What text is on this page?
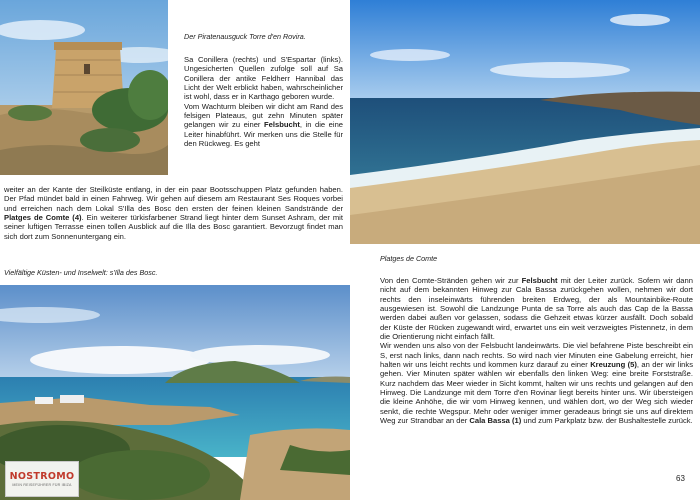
Der Piratenausguck Torre d'en Rovira.

Sa Conillera (rechts) und S'Espartar (links). Ungesicherten Quellen zufolge soll auf Sa Conillera der antike Feldherr Hannibal das Licht der Welt erblickt haben, wahrscheinlicher ist wohl, dass er in Karthago geboren wurde.

Vom Wachturm bleiben wir dicht am Rand des felsigen Plateaus, gut zehn Minuten später gelangen wir zu einer Felsbucht, in die eine Leiter hinabführt. Wir merken uns die Stelle für den Rückweg. Es geht

weiter an der Kante der Steilküste entlang, in der ein paar Bootsschuppen Platz gefunden haben. Der Pfad mündet bald in einen Fahrweg. Wir gehen auf diesem am Restaurant Ses Roques vorbei und erreichen nach dem Lokal S'Illa des Bosc den ersten der feinen kleinen Sandstrände der Platges de Comte (4). Ein weiterer türkisfarbener Strand liegt hinter dem Sunset Ashram, der mit seiner luftigen Terrasse einen tollen Ausblick auf die Illa des Bosc garantiert. Bevorzugt findet man sich dort zum Sonnenuntergang ein.

Vielfältige Küsten- und Inselwelt: s'Illa des Bosc.
NOSTROMO
MEIN REISEFÜHRER FÜR IBIZA
Platges de Comte

Von den Comte-Stränden gehen wir zur Felsbucht mit der Leiter zurück. Sofern wir dann nicht auf dem bekannten Hinweg zur Cala Bassa zurückgehen wollen, nehmen wir dort rechts den inseleinwärts führenden breiten Erdweg, der als Mountainbike-Route ausgewiesen ist. Sowohl die Landzunge Punta de sa Torre als auch das Cap de la Bassa werden dabei außen vor gelassen, sodass die Gehzeit etwas kürzer ausfällt. Doch sobald der Küste der Rücken zugewandt wird, erwartet uns ein weit verzweigtes Pistennetz, in dem die Orientierung nicht einfach fällt.

Wir wenden uns also von der Felsbucht landeinwärts. Die viel befahrene Piste beschreibt ein S, erst nach links, dann nach rechts. So wird nach vier Minuten eine Gabelung erreicht, hier halten wir uns leicht rechts und kommen kurz darauf zu einer Kreuzung (5), an der wir links gehen. Vier Minuten später wählen wir ebenfalls den linken Weg: eine breite Forststraße. Kurz nachdem das Meer wieder in Sicht kommt, halten wir uns rechts und gelangen auf den Hinweg. Die Landzunge mit dem Torre d'en Rovinar liegt bereits hinter uns. Wir übersteigen die kleine Anhöhe, die wir vom Hinweg kennen, und wählen dort, wo der Weg sich wieder senkt, die rechte Wegspur. Mehr oder weniger immer geradeaus bringt sie uns auf direktem Weg zur Strandbar an der Cala Bassa (1) und zum Parkplatz bzw. der Bushaltestelle zurück.

63
